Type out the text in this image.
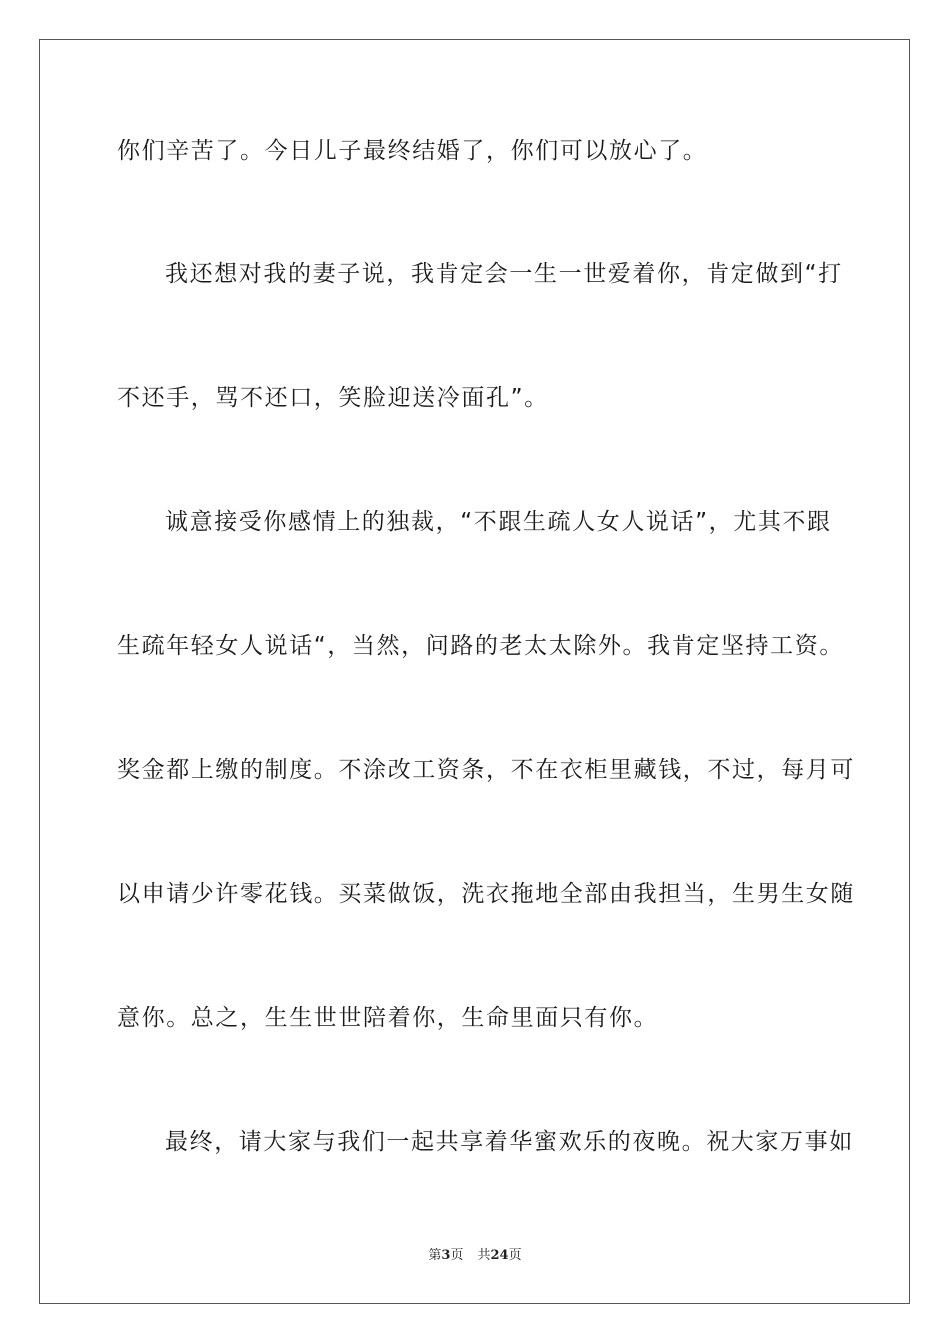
你们辛苦了。今日儿子最终结婚了，你们可以放心了。
我还想对我的妻子说，我肯定会一生一世爱着你，肯定做到“打
不还手，骂不还口，笑脸迎送冷面孔”。
诚意接受你感情上的独裁，“不跟生疏人女人说话”，尤其不跟
生疏年轻女人说话“，当然，问路的老太太除外。我肯定坚持工资。
奖金都上缴的制度。不涂改工资条，不在衣柜里藏钱，不过，每月可
以申请少许零花钱。买菜做饭，洗衣拖地全部由我担当，生男生女随
意你。总之，生生世世陪着你，生命里面只有你。
最终，请大家与我们一起共享着华蜜欢乐的夜晚。祝大家万事如
第3页 共24页
